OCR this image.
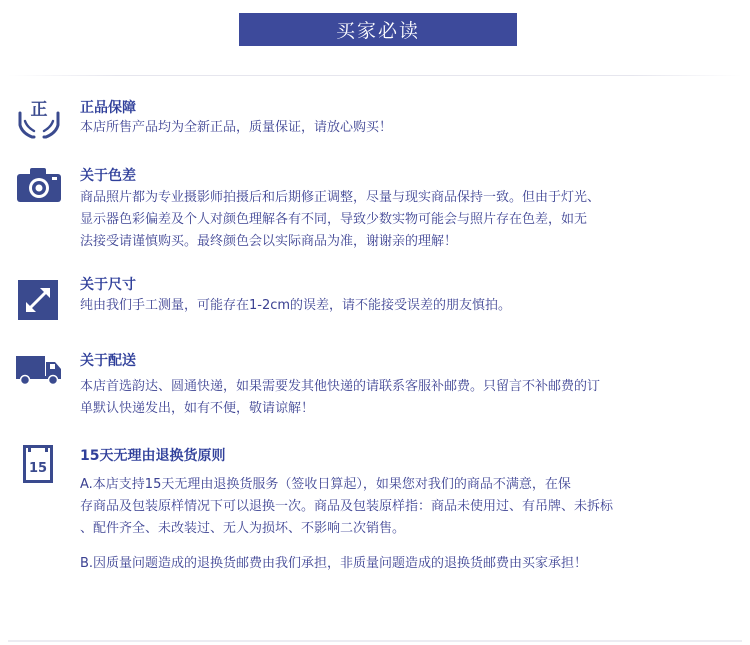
买家必读
正 正品保障

本店所售产品均为全新正品，质量保证，请放心购买！

关于色差

商品照片都为专业摄影师拍摄后和后期修正调整，尽量与现实商品保持一致。但由于灯光、

显示器色彩偏差及个人对颜色理解各有不同，导致少数实物可能会与照片存在色差，如无

法接受请谨慎购买。最终颜色会以实际商品为准，谢谢亲的理解！

关于尺寸

纯由我们手工测量，可能存在1-2cm的误差，请不能接受误差的朋友慎拍。

关于配送

本店首选韵达、圆通快递，如果需要发其他快递的请联系客服补邮费。只留言不补邮费的订

单默认快递发出，如有不便，敬请谅解！

15
15天无理由退换货原则

A.本店支持15天无理由退换货服务（签收日算起），如果您对我们的商品不满意，在保

存商品及包装原样情况下可以退换一次。商品及包装原样指：商品未使用过、有吊牌、未拆标

、配件齐全、未改装过、无人为损坏、不影响二次销售。

B.因质量问题造成的退换货邮费由我们承担，非质量问题造成的退换货邮费由买家承担！
